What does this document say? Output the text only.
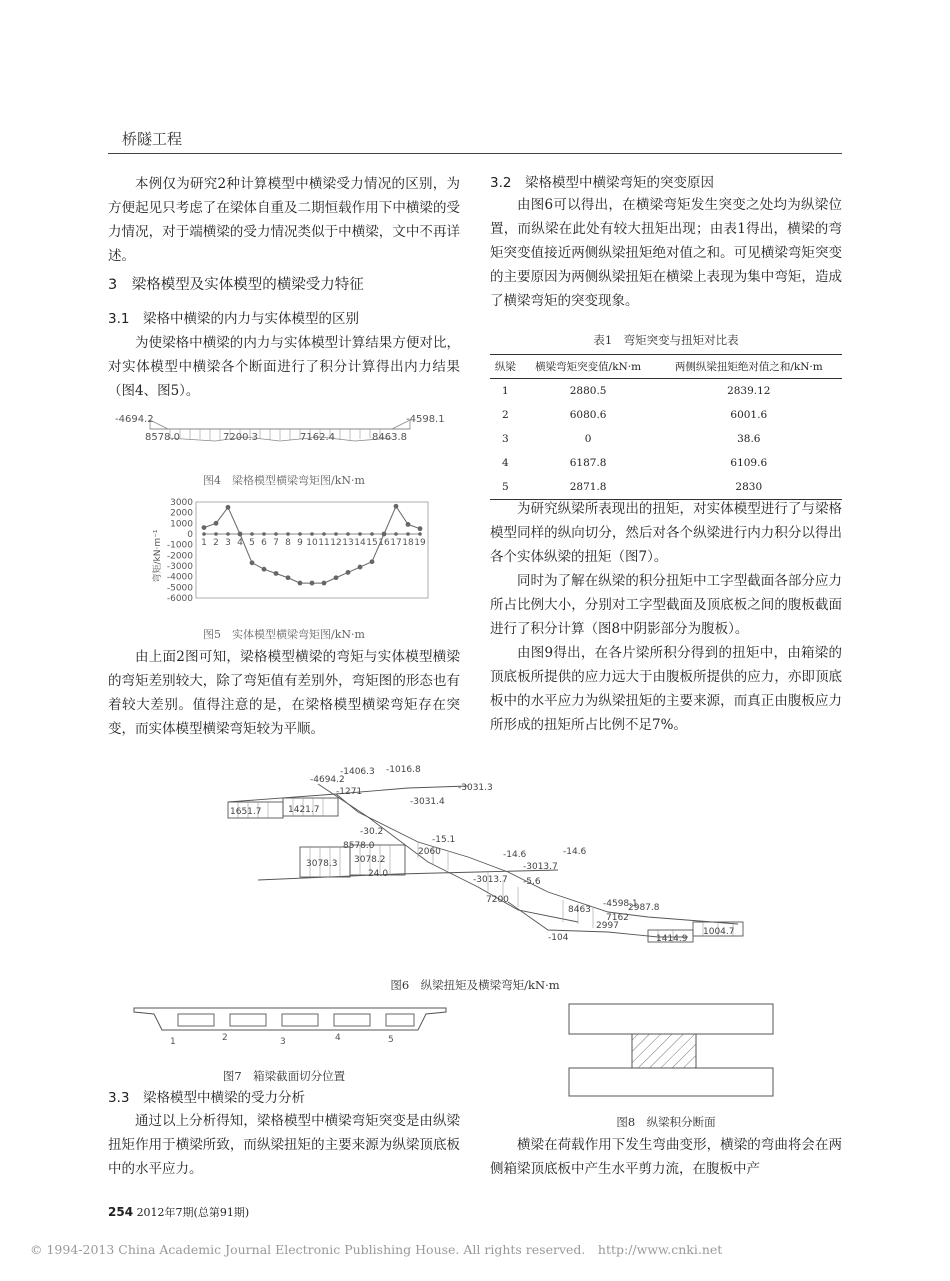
桥隧工程

本例仅为研究2种计算模型中横梁受力情况的区别，为方便起见只考虑了在梁体自重及二期恒载作用下中横梁的受力情况，对于端横梁的受力情况类似于中横梁，文中不再详述。

3　梁格模型及实体模型的横梁受力特征
3.1　梁格中横梁的内力与实体模型的区别

为使梁格中横梁的内力与实体模型计算结果方便对比，对实体模型中横梁各个断面进行了积分计算得出内力结果（图4、图5）。

-4694.2	-4598.1
8578.0	7200.3	7162.4	8463.8
图4　梁格模型横梁弯矩图/kN·m
3000
2000
1000
0
-1000
-2000
-3000
-4000
-5000
-6000
1 2 3 4 5 6 7 8 9 10 11 12 13 14 15 16 17 18 19
弯矩/kN·m⁻¹
图5　实体模型横梁弯矩图/kN·m

由上面2图可知，梁格模型横梁的弯矩与实体模型横梁的弯矩差别较大，除了弯矩值有差别外，弯矩图的形态也有着较大差别。值得注意的是，在梁格模型横梁弯矩存在突变，而实体模型横梁弯矩较为平顺。

3.2　梁格模型中横梁弯矩的突变原因

由图6可以得出，在横梁弯矩发生突变之处均为纵梁位置，而纵梁在此处有较大扭矩出现；由表1得出，横梁的弯矩突变值接近两侧纵梁扭矩绝对值之和。可见横梁弯矩突变的主要原因为两侧纵梁扭矩在横梁上表现为集中弯矩，造成了横梁弯矩的突变现象。

表1　弯矩突变与扭矩对比表
纵梁	横梁弯矩突变值/kN·m	两侧纵梁扭矩绝对值之和/kN·m
1	2880.5	2839.12
2	6080.6	6001.6
3	0	38.6
4	6187.8	6109.6
5	2871.8	2830

为研究纵梁所表现出的扭矩，对实体模型进行了与梁格模型同样的纵向切分，然后对各个纵梁进行内力积分以得出各个实体纵梁的扭矩（图7）。

同时为了解在纵梁的积分扭矩中工字型截面各部分应力所占比例大小，分别对工字型截面及顶底板之间的腹板截面进行了积分计算（图8中阴影部分为腹板）。

由图9得出，在各片梁所积分得到的扭矩中，由箱梁的顶底板所提供的应力远大于由腹板所提供的应力，亦即顶底板中的水平应力为纵梁扭矩的主要来源，而真正由腹板应力所形成的扭矩所占比例不足7%。

-4694.2
-1406.3 -1016.8
-3031.3
-3031.4
-1271
1651.7	1421.7
-30.2
8578.0
-15.1
-14.6
-14.6
3078.3 3078.2
2060
-3013.7
24.0
-3013.7 -5.6
-4598.1
8463	2987.8
-104
2997
1414.9
1004.7
7200
7162
图6　纵梁扭矩及横梁弯矩/kN·m
1	2	3	4	5
图7　箱梁截面切分位置
图8　纵梁积分断面
3.3　梁格模型中横梁的受力分析

通过以上分析得知，梁格模型中横梁弯矩突变是由纵梁扭矩作用于横梁所致，而纵梁扭矩的主要来源为纵梁顶底板中的水平应力。

横梁在荷载作用下发生弯曲变形，横梁的弯曲将会在两侧箱梁顶底板中产生水平剪力流，在腹板中产

254 2012年7期(总第91期)
© 1994-2013 China Academic Journal Electronic Publishing House. All rights reserved.　http://www.cnki.net
